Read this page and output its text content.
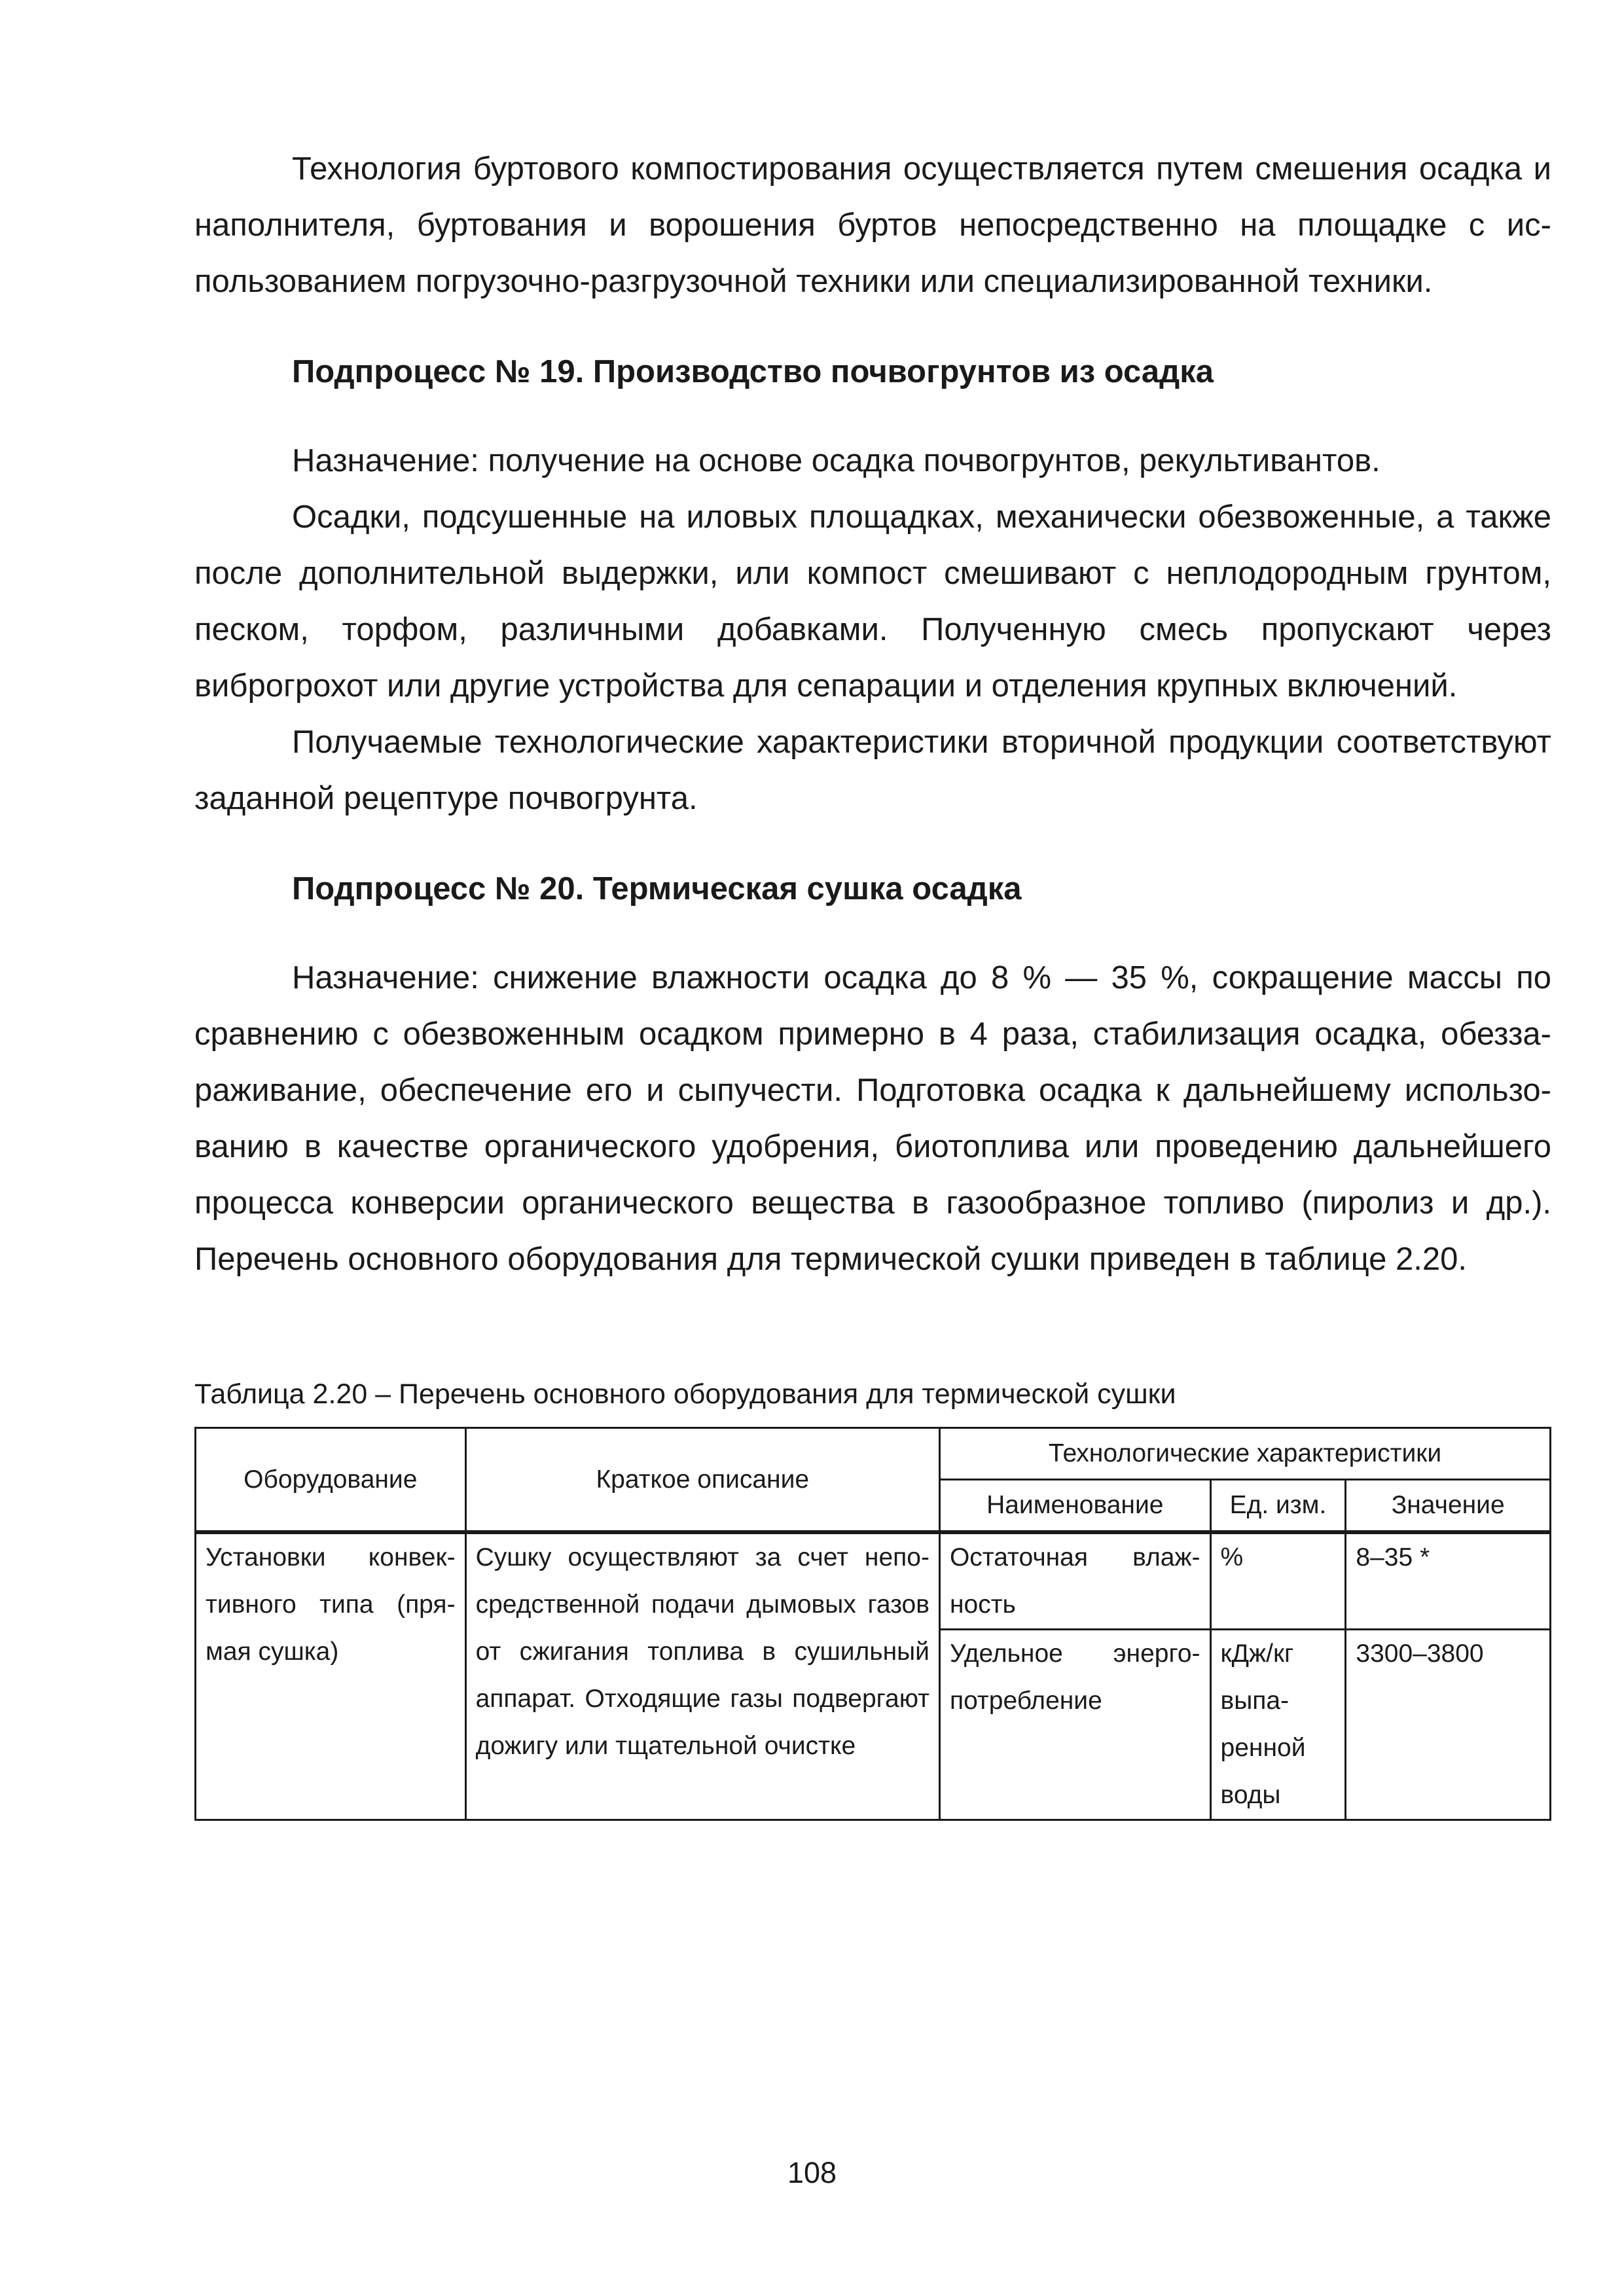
Технология буртового компостирования осуществляется путем смешения осадка и наполнителя, буртования и ворошения буртов непосредственно на площадке с использованием погрузочно-разгрузочной техники или специализированной техники.

Подпроцесс № 19. Производство почвогрунтов из осадка

Назначение: получение на основе осадка почвогрунтов, рекультивантов.

Осадки, подсушенные на иловых площадках, механически обезвоженные, а также после дополнительной выдержки, или компост смешивают с неплодородным грунтом, песком, торфом, различными добавками. Полученную смесь пропускают через виброгрохот или другие устройства для сепарации и отделения крупных включений.

Получаемые технологические характеристики вторичной продукции соответствуют заданной рецептуре почвогрунта.

Подпроцесс № 20. Термическая сушка осадка

Назначение: снижение влажности осадка до 8 % — 35 %, сокращение массы по сравнению с обезвоженным осадком примерно в 4 раза, стабилизация осадка, обеззараживание, обеспечение его и сыпучести. Подготовка осадка к дальнейшему использованию в качестве органического удобрения, биотоплива или проведению дальнейшего процесса конверсии органического вещества в газообразное топливо (пиролиз и др.). Перечень основного оборудования для термической сушки приведен в таблице 2.20.

Таблица 2.20 – Перечень основного оборудования для термической сушки

Оборудование	Краткое описание	Технологические характеристики		
		Наименование	Ед. изм.	Значение
Установки конвективного типа (прямая сушка)	Сушку осуществляют за счет непосредственной подачи дымовых газов от сжигания топлива в сушильный аппарат. Отходящие газы подвергают дожигу или тщательной очистке	Остаточная влажность	%	8–35 *
		Удельное энергопотребление	кДж/кг выпаренной воды	3300–3800
108
